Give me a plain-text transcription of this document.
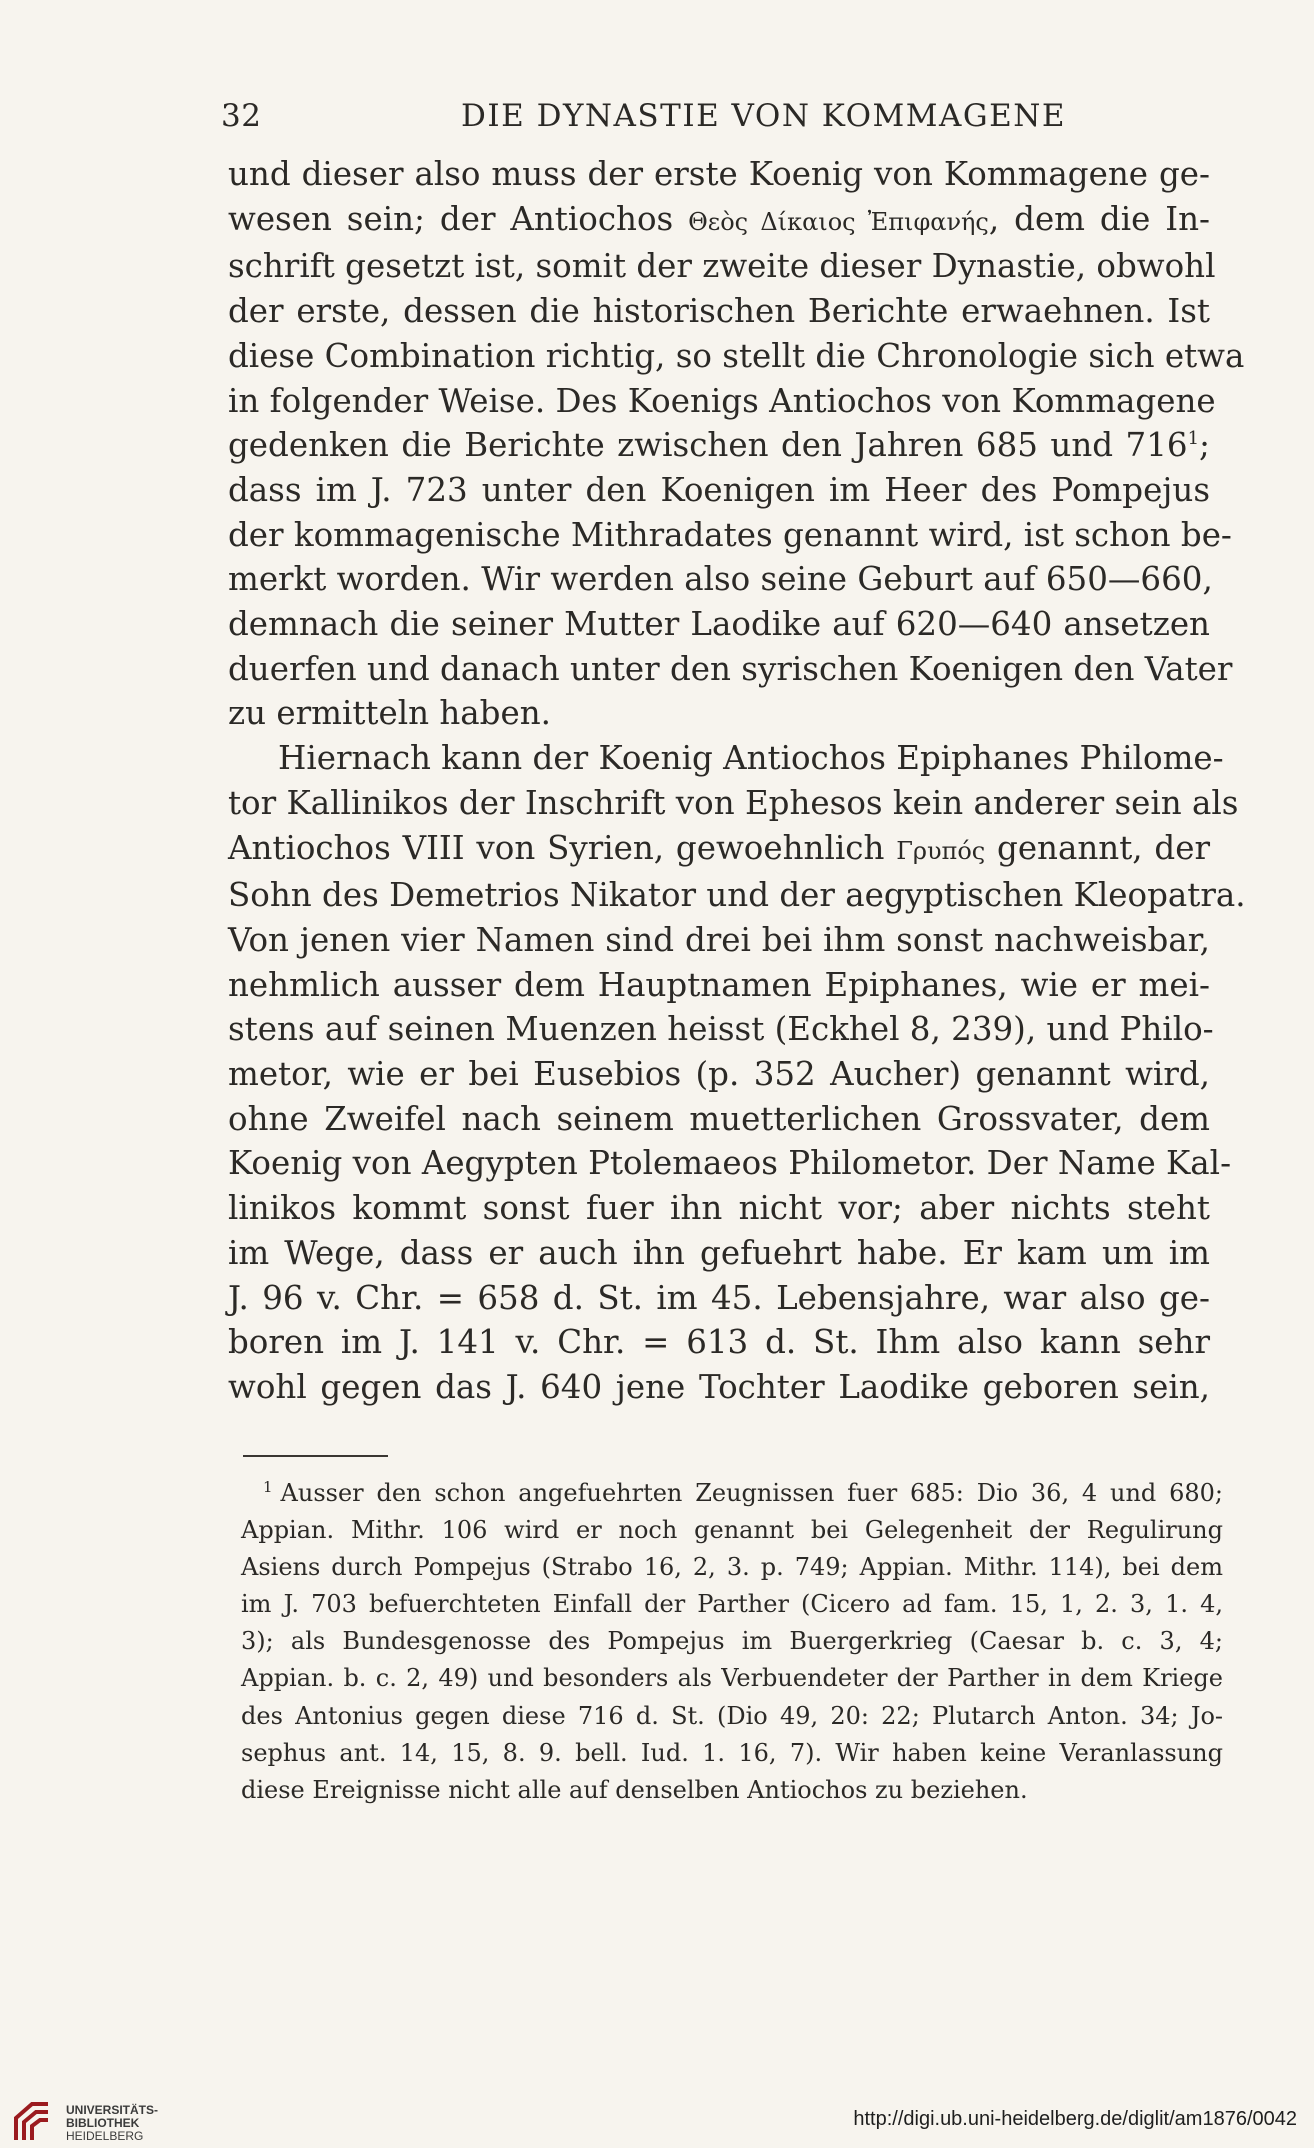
32	DIE DYNASTIE VON KOMMAGENE
und dieser also muss der erste Koenig von Kommagene ge-
wesen sein; der Antiochos Θεὸς Δίκαιος Ἐπιφανής, dem die In-
schrift gesetzt ist, somit der zweite dieser Dynastie, obwohl
der erste, dessen die historischen Berichte erwaehnen. Ist
diese Combination richtig, so stellt die Chronologie sich etwa
in folgender Weise. Des Koenigs Antiochos von Kommagene
gedenken die Berichte zwischen den Jahren 685 und $716^1$;
dass im J. 723 unter den Koenigen im Heer des Pompejus
der kommagenische Mithradates genannt wird, ist schon be-
merkt worden. Wir werden also seine Geburt auf 650—660,
demnach die seiner Mutter Laodike auf 620—640 ansetzen
duerfen und danach unter den syrischen Koenigen den Vater
zu ermitteln haben.
Hiernach kann der Koenig Antiochos Epiphanes Philome-
tor Kallinikos der Inschrift von Ephesos kein anderer sein als
Antiochos VIII von Syrien, gewoehnlich Γρυπός genannt, der
Sohn des Demetrios Nikator und der aegyptischen Kleopatra.
Von jenen vier Namen sind drei bei ihm sonst nachweisbar,
nehmlich ausser dem Hauptnamen Epiphanes, wie er mei-
stens auf seinen Muenzen heisst (Eckhel 8, 239), und Philo-
metor, wie er bei Eusebios (p. 352 Aucher) genannt wird,
ohne Zweifel nach seinem muetterlichen Grossvater, dem
Koenig von Aegypten Ptolemaeos Philometor. Der Name Kal-
linikos kommt sonst fuer ihn nicht vor; aber nichts steht
im Wege, dass er auch ihn gefuehrt habe. Er kam um im
J. 96 v. Chr. = 658 d. St. im 45. Lebensjahre, war also ge-
boren im J. 141 v. Chr. = 613 d. St. Ihm also kann sehr
wohl gegen das J. 640 jene Tochter Laodike geboren sein,
$^1$ Ausser den schon angefuehrten Zeugnissen fuer 685: Dio 36, 4 und 680;
Appian. Mithr. 106 wird er noch genannt bei Gelegenheit der Regulirung
Asiens durch Pompejus (Strabo 16, 2, 3. p. 749; Appian. Mithr. 114), bei dem
im J. 703 befuerchteten Einfall der Parther (Cicero ad fam. 15, 1, 2. 3, 1. 4,
3); als Bundesgenosse des Pompejus im Buergerkrieg (Caesar b. c. 3, 4;
Appian. b. c. 2, 49) und besonders als Verbuendeter der Parther in dem Kriege
des Antonius gegen diese 716 d. St. (Dio 49, 20: 22; Plutarch Anton. 34; Jo-
sephus ant. 14, 15, 8. 9. bell. Iud. 1. 16, 7). Wir haben keine Veranlassung
diese Ereignisse nicht alle auf denselben Antiochos zu beziehen.
UNIVERSITÄTS-
BIBLIOTHEK
HEIDELBERG
http://digi.ub.uni-heidelberg.de/diglit/am1876/0042
